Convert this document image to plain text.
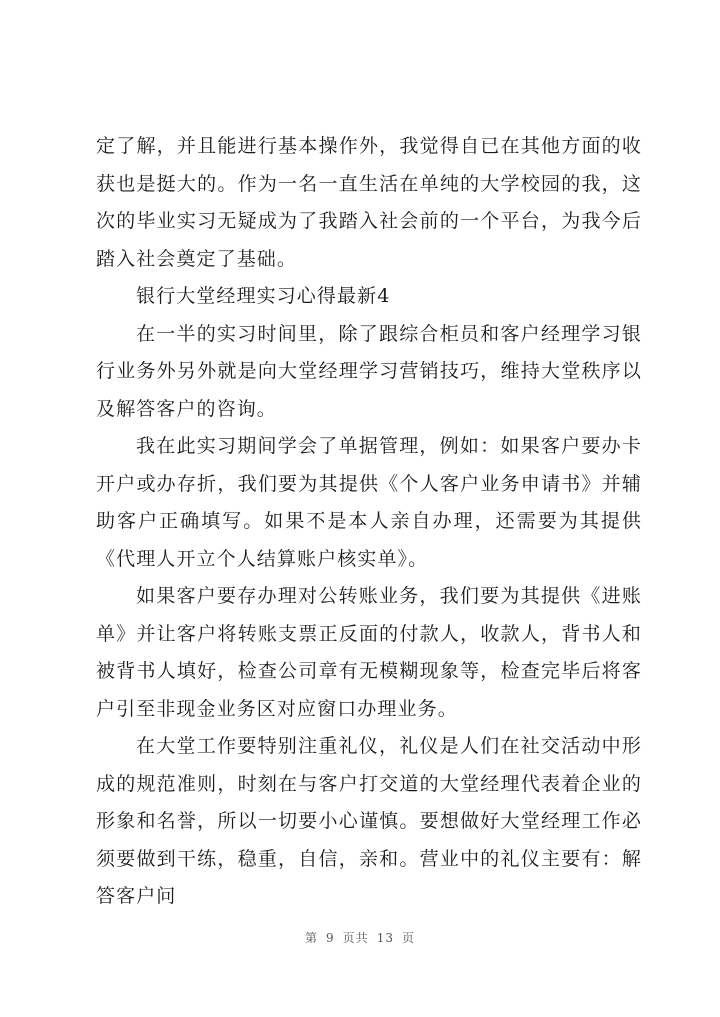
定了解，并且能进行基本操作外，我觉得自已在其他方面的收获也是挺大的。作为一名一直生活在单纯的大学校园的我，这次的毕业实习无疑成为了我踏入社会前的一个平台，为我今后踏入社会奠定了基础。

银行大堂经理实习心得最新4

在一半的实习时间里，除了跟综合柜员和客户经理学习银行业务外另外就是向大堂经理学习营销技巧，维持大堂秩序以及解答客户的咨询。

我在此实习期间学会了单据管理，例如：如果客户要办卡开户或办存折，我们要为其提供《个人客户业务申请书》并辅助客户正确填写。如果不是本人亲自办理，还需要为其提供《代理人开立个人结算账户核实单》。

如果客户要存办理对公转账业务，我们要为其提供《进账单》并让客户将转账支票正反面的付款人，收款人，背书人和被背书人填好，检查公司章有无模糊现象等，检查完毕后将客户引至非现金业务区对应窗口办理业务。

在大堂工作要特别注重礼仪，礼仪是人们在社交活动中形成的规范准则，时刻在与客户打交道的大堂经理代表着企业的形象和名誉，所以一切要小心谨慎。要想做好大堂经理工作必须要做到干练，稳重，自信，亲和。营业中的礼仪主要有：解答客户问

第 9 页共 13 页
